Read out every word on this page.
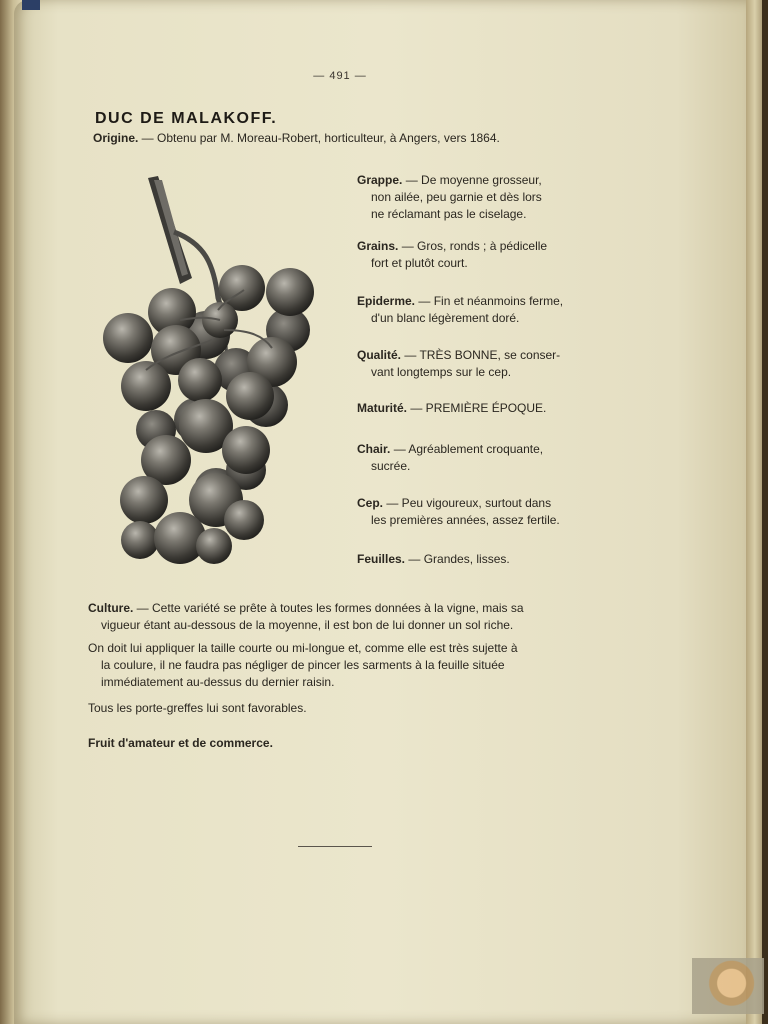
— 491 —
DUC DE MALAKOFF.
Origine. — Obtenu par M. Moreau-Robert, horticulteur, à Angers, vers 1864.
Grappe. — De moyenne grosseur,
non ailée, peu garnie et dès lors
ne réclamant pas le ciselage.
Grains. — Gros, ronds ; à pédicelle
fort et plutôt court.
Epiderme. — Fin et néanmoins ferme,
d'un blanc légèrement doré.
Qualité. — TRÈS BONNE, se conser-
vant longtemps sur le cep.
Maturité. — PREMIÈRE ÉPOQUE.
Chair. — Agréablement croquante,
sucrée.
Cep. — Peu vigoureux, surtout dans
les premières années, assez fertile.
Feuilles. — Grandes, lisses.
Culture. — Cette variété se prête à toutes les formes données à la vigne, mais sa
vigueur étant au-dessous de la moyenne, il est bon de lui donner un sol riche.
On doit lui appliquer la taille courte ou mi-longue et, comme elle est très sujette à
la coulure, il ne faudra pas négliger de pincer les sarments à la feuille située
immédiatement au-dessus du dernier raisin.
Tous les porte-greffes lui sont favorables.
Fruit d'amateur et de commerce.
